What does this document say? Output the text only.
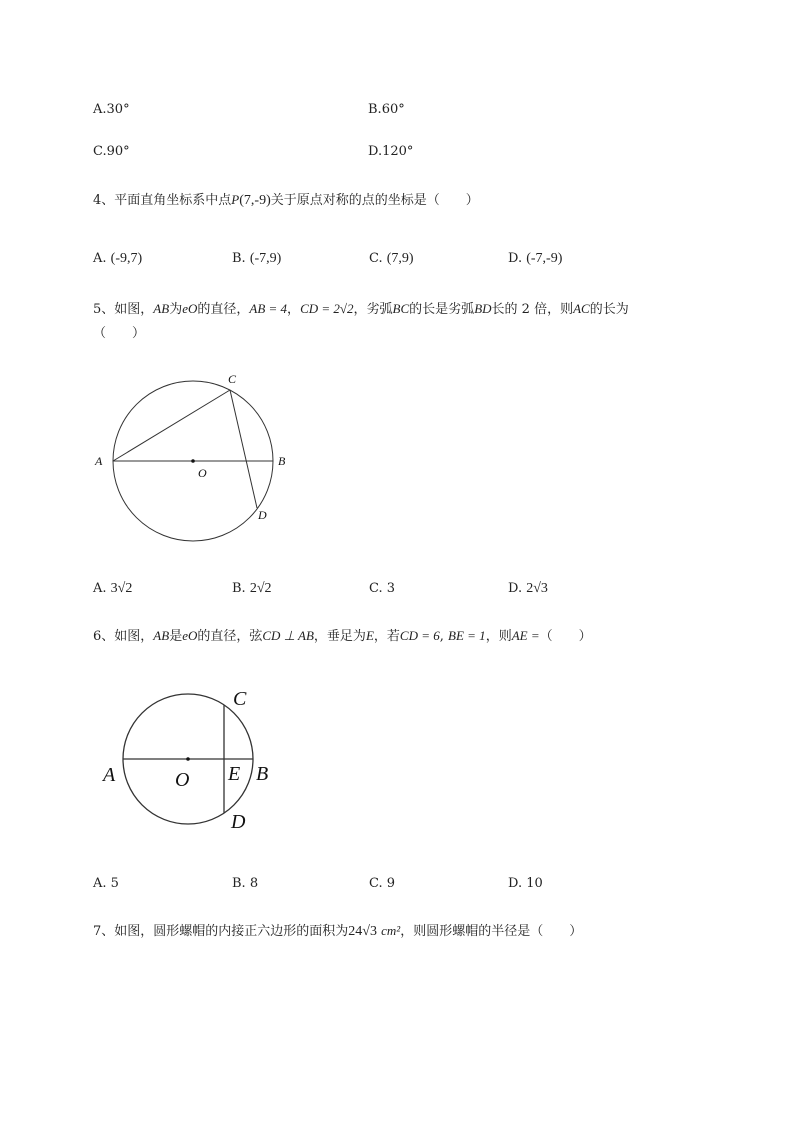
A.30°	B.60°
C.90°	D.120°
4、平面直角坐标系中点P(7,-9)关于原点对称的点的坐标是（　　）
A. (-9,7)	B. (-7,9)	C. (7,9)	D. (-7,-9)
5、如图，AB为eO的直径，AB = 4，CD = 2√2，劣弧BC的长是劣弧BD长的 2 倍，则AC的长为
（　　）
A	B
C
D
O
A. 3√2	B. 2√2	C. 3	D. 2√3
6、如图，AB是eO的直径，弦CD ⊥ AB，垂足为E，若CD = 6, BE = 1，则AE =（　　）
A	B
C
D
E
O
A. 5	B. 8	C. 9	D. 10
7、如图，圆形螺帽的内接正六边形的面积为24√3 cm²，则圆形螺帽的半径是（　　）
